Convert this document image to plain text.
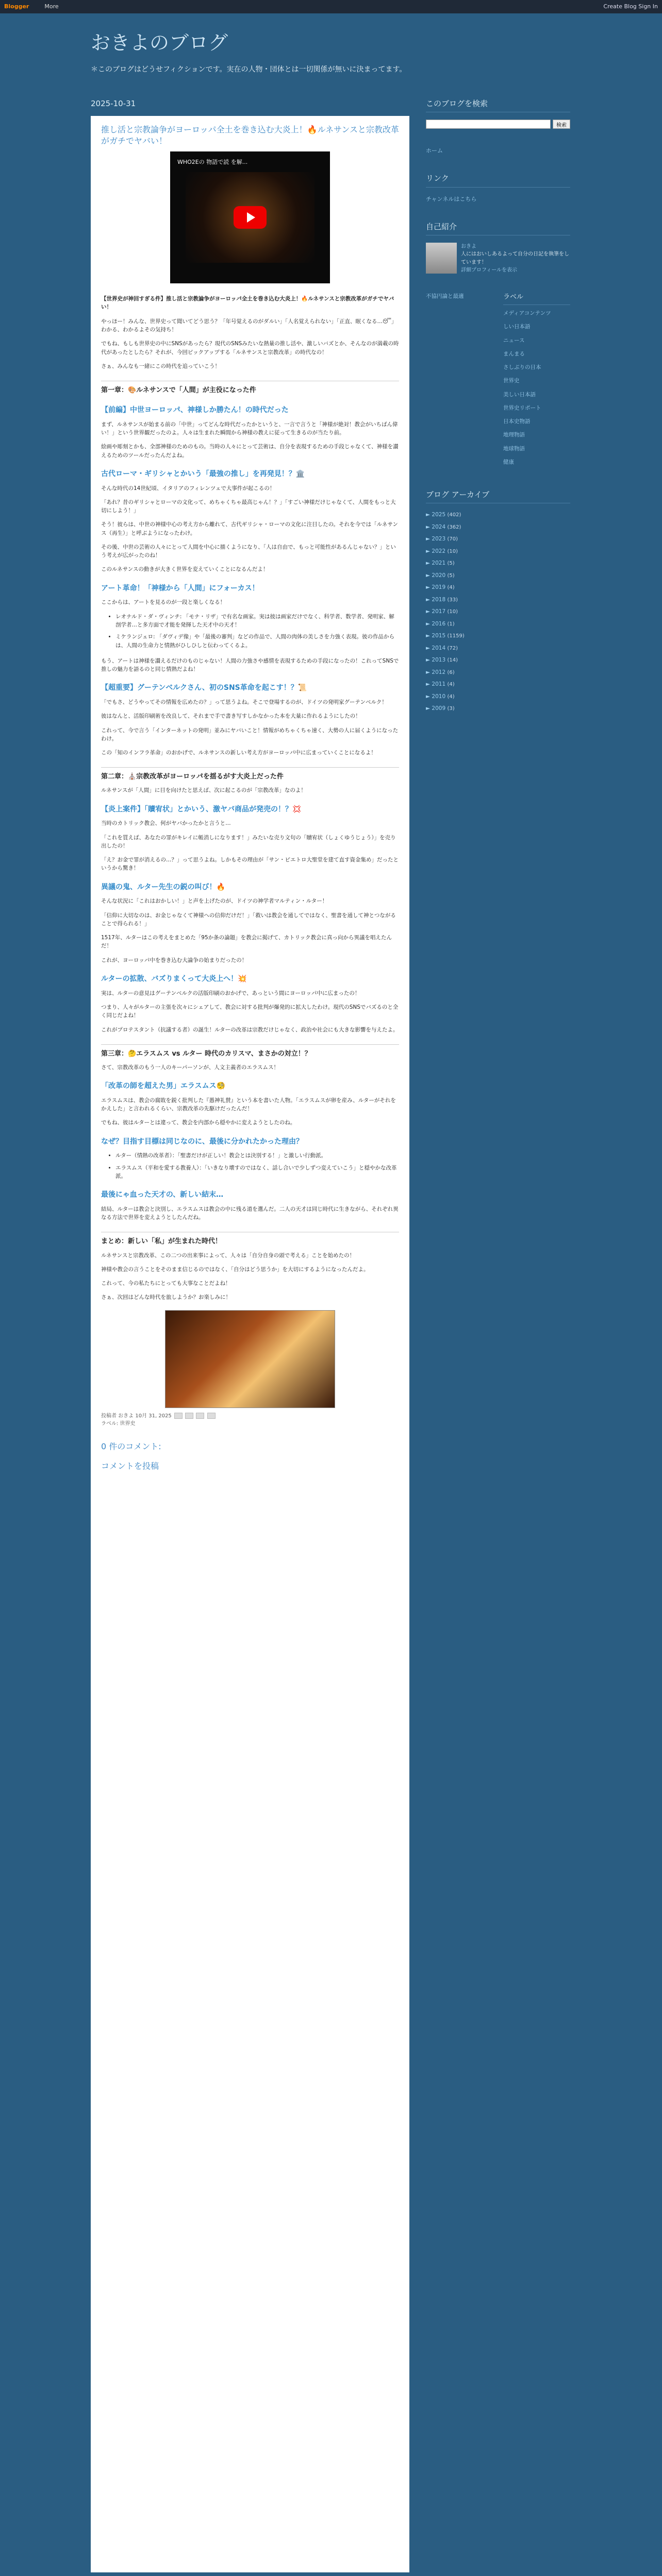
Blogger	More	Create Blog Sign In
おきよのブログ
＊このブログはどうせフィクションです。実在の人物・団体とは一切関係が無いに決まってます。
2025-10-31
推し活と宗教論争がヨーロッパ全土を巻き込む大炎上！🔥ルネサンスと宗教改革がガチでヤバい！
WHO2Eの 物語で読 を解...

【世界史が神回すぎる件】推し活と宗教論争がヨーロッパ全土を巻き込む大炎上！🔥ルネサンスと宗教改革がガチでヤバい！

やっほー！みんな、世界史って聞いてどう思う？「年号覚えるのがダルい」「人名覚えられない」「正直、眠くなる…😴」わかる、わかるよその気持ち！

でもね、もしも世界史の中にSNSがあったら？現代のSNSみたいな熱量の推し活や、激しいバズとか、そんなのが満載の時代があったとしたら？それが、今回ピックアップする「ルネサンスと宗教改革」の時代なの！

さぁ、みんなも一緒にこの時代を追っていこう！

第一章：🎨ルネサンスで「人間」が主役になった件
【前編】中世ヨーロッパ、神様しか勝たん！の時代だった

まず、ルネサンスが始まる前の「中世」ってどんな時代だったかというと、一言で言うと「神様が絶対！教会がいちばん偉い！」という世界観だったのよ。人々は生まれた瞬間から神様の教えに従って生きるのが当たり前。

絵画や彫刻とかも、全部神様のためのもの。当時の人々にとって芸術は、自分を表現するための手段じゃなくて、神様を讃えるためのツールだったんだよね。

古代ローマ・ギリシャとかいう「最強の推し」を再発見！？🏛️

そんな時代の14世紀頃、イタリアのフィレンツェで大事件が起こるの！

「あれ？昔のギリシャとローマの文化って、めちゃくちゃ最高じゃん！？」「すごい神様だけじゃなくて、人間をもっと大切にしよう！」

そう！彼らは、中世の神様中心の考え方から離れて、古代ギリシャ・ローマの文化に注目したの。それを今では「ルネサンス（再生）」と呼ぶようになったわけ。

その後、中世の芸術の人々にとって人間を中心に描くようになり、「人は自由で、もっと可能性があるんじゃない？」という考えが広がったのね！

このルネサンスの動きが大きく世界を変えていくことになるんだよ！

アート革命！「神様から「人間」にフォーカス！

ここからは、アートを見るのが一段と楽しくなる！

• レオナルド・ダ・ヴィンチ: 「モナ・リザ」で有名な画家。実は彼は画家だけでなく、科学者、数学者、発明家、解剖学者…と多方面で才能を発揮した天才中の天才！
• ミケランジェロ: 「ダヴィデ像」や「最後の審判」などの作品で、人間の肉体の美しさを力強く表現。彼の作品からは、人間の生命力と情熱がひしひしと伝わってくるよ。

もう、アートは神様を讃えるだけのものじゃない！人間の力強さや感情を表現するための手段になったの！これってSNSで推しの魅力を語るのと同じ情熱だよね！

【超重要】グーテンベルクさん、初のSNS革命を起こす！？📜

「でもさ、どうやってその情報を広めたの？」って思うよね。そこで登場するのが、ドイツの発明家グーテンベルク！

彼はなんと、活版印刷術を改良して、それまで手で書き写すしかなかった本を大量に作れるようにしたの！

これって、今で言う「インターネットの発明」並みにヤバいこと！情報がめちゃくちゃ速く、大勢の人に届くようになったわけ。

この「知のインフラ革命」のおかげで、ルネサンスの新しい考え方がヨーロッパ中に広まっていくことになるよ！

第二章：⛪宗教改革がヨーロッパを揺るがす大炎上だった件

ルネサンスが「人間」に目を向けたと思えば、次に起こるのが「宗教改革」なのよ！

【炎上案件】「贖宥状」とかいう、激ヤバ商品が発売の！？💢

当時のカトリック教会、何がヤバかったかと言うと…

「これを買えば、あなたの罪がキレイに帳消しになります！」みたいな売り文句の「贖宥状（しょくゆうじょう）」を売り出したの！

「え？お金で罪が消えるの…？」って思うよね。しかもその理由が「サン・ピエトロ大聖堂を建て直す資金集め」だったというから驚き！

異議の鬼、ルター先生の鋭の叫び！🔥

そんな状況に「これはおかしい！」と声を上げたのが、ドイツの神学者マルティン・ルター！

「信仰に大切なのは、お金じゃなくて神様への信仰だけだ！」「救いは教会を通してではなく、聖書を通して神とつながることで得られる！」

1517年、ルターはこの考えをまとめた「95か条の論題」を教会に掲げて、カトリック教会に真っ向から異議を唱えたんだ！

これが、ヨーロッパ中を巻き込む大論争の始まりだったの！

ルターの拡散、バズりまくって大炎上へ！💥

実は、ルターの意見はグーテンベルクの活版印刷のおかげで、あっという間にヨーロッパ中に広まったの！

つまり、人々がルターの主張を次々にシェアして、教会に対する批判が爆発的に拡大したわけ。現代のSNSでバズるのと全く同じだよね！

これがプロテスタント（抗議する者）の誕生！ルターの改革は宗教だけじゃなく、政治や社会にも大きな影響を与えたよ。

第三章：🤔エラスムス vs ルター 時代のカリスマ、まさかの対立！？

さて、宗教改革のもう一人のキーパーソンが、人文主義者のエラスムス！

「改革の師を超えた男」エラスムス🧐

エラスムスは、教会の腐敗を鋭く批判した『愚神礼賛』という本を書いた人物。「エラスムスが卵を産み、ルターがそれをかえした」と言われるくらい、宗教改革の先駆けだったんだ！

でもね、彼はルターとは違って、教会を内部から穏やかに変えようとしたのね。

なぜ？目指す目標は同じなのに、最後に分かれたかった理由？
• ルター（情熱の改革者）：「聖書だけが正しい！教会とは決別する！」と激しい行動派。
• エラスムス（平和を愛する教養人）：「いきなり壊すのではなく、話し合いで少しずつ変えていこう」と穏やかな改革派。
最後にゃ血った天才の、新しい結末…

結局、ルターは教会と決別し、エラスムスは教会の中に残る道を選んだ。二人の天才は同じ時代に生きながら、それぞれ異なる方法で世界を変えようとしたんだね。

まとめ：新しい「私」が生まれた時代！

ルネサンスと宗教改革、この二つの出来事によって、人々は「自分自身の頭で考える」ことを始めたの！

神様や教会の言うことをそのまま信じるのではなく、「自分はどう思うか」を大切にするようになったんだよ。

これって、今の私たちにとっても大事なことだよね！

さぁ、次回はどんな時代を旅しようか？お楽しみに！

投稿者 おきよ 10月 31, 2025
ラベル: 世界史
0 件のコメント:
コメントを投稿
このブログを検索
検索
ホーム
リンク
チャンネルはこちら
自己紹介
おきよ
人にはおいしあるよって自分の日記を執筆をしています！
詳細プロフィールを表示
不協円論と最適	ラベル
メディアコンテンツ
しい日本語
ニュース
まんまる
さしぶりの日本
世界史
美しい日本語
世界史リポート
日本史物語
地理物語
地球物語
健康
ブログ アーカイブ
► 2025 (402)
► 2024 (362)
► 2023 (70)
► 2022 (10)
► 2021 (5)
► 2020 (5)
► 2019 (4)
► 2018 (33)
► 2017 (10)
► 2016 (1)
► 2015 (1159)
► 2014 (72)
► 2013 (14)
► 2012 (6)
► 2011 (4)
► 2010 (4)
► 2009 (3)
